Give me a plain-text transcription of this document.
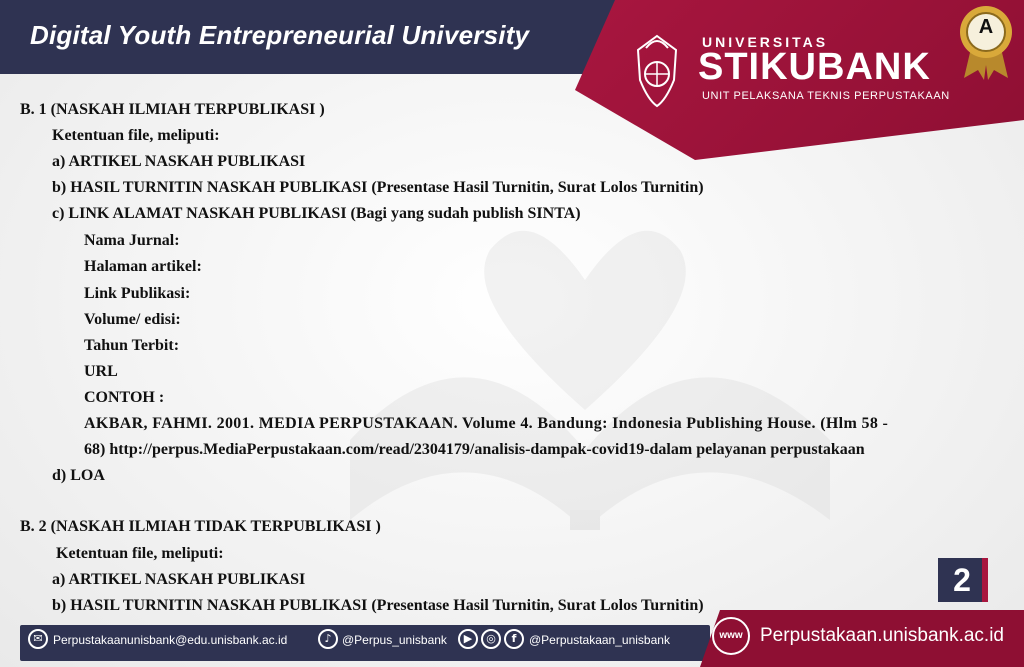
Digital Youth Entrepreneurial University	UNIVERSITAS
STIKUBANK
UNIT PELAKSANA TEKNIS PERPUSTAKAAN
A
B. 1 (NASKAH ILMIAH TERPUBLIKASI )
Ketentuan file, meliputi:
a) ARTIKEL NASKAH PUBLIKASI
b) HASIL TURNITIN NASKAH PUBLIKASI (Presentase Hasil Turnitin, Surat Lolos Turnitin)
c) LINK ALAMAT NASKAH PUBLIKASI (Bagi yang sudah publish SINTA)
Nama Jurnal:
Halaman artikel:
Link Publikasi:
Volume/ edisi:
Tahun Terbit:
URL
CONTOH :
AKBAR, FAHMI. 2001. MEDIA PERPUSTAKAAN. Volume 4. Bandung: Indonesia Publishing House. (Hlm 58 -
68) http://perpus.MediaPerpustakaan.com/read/2304179/analisis-dampak-covid19-dalam pelayanan perpustakaan
d) LOA
B. 2 (NASKAH ILMIAH TIDAK TERPUBLIKASI )
Ketentuan file, meliputi:
a) ARTIKEL NASKAH PUBLIKASI
b) HASIL TURNITIN NASKAH PUBLIKASI (Presentase Hasil Turnitin, Surat Lolos Turnitin)
2
✉ Perpustakaanunisbank@edu.unisbank.ac.id	♪ @Perpus_unisbank	▶	◎	f	@Perpustakaan_unisbank	www Perpustakaan.unisbank.ac.id
